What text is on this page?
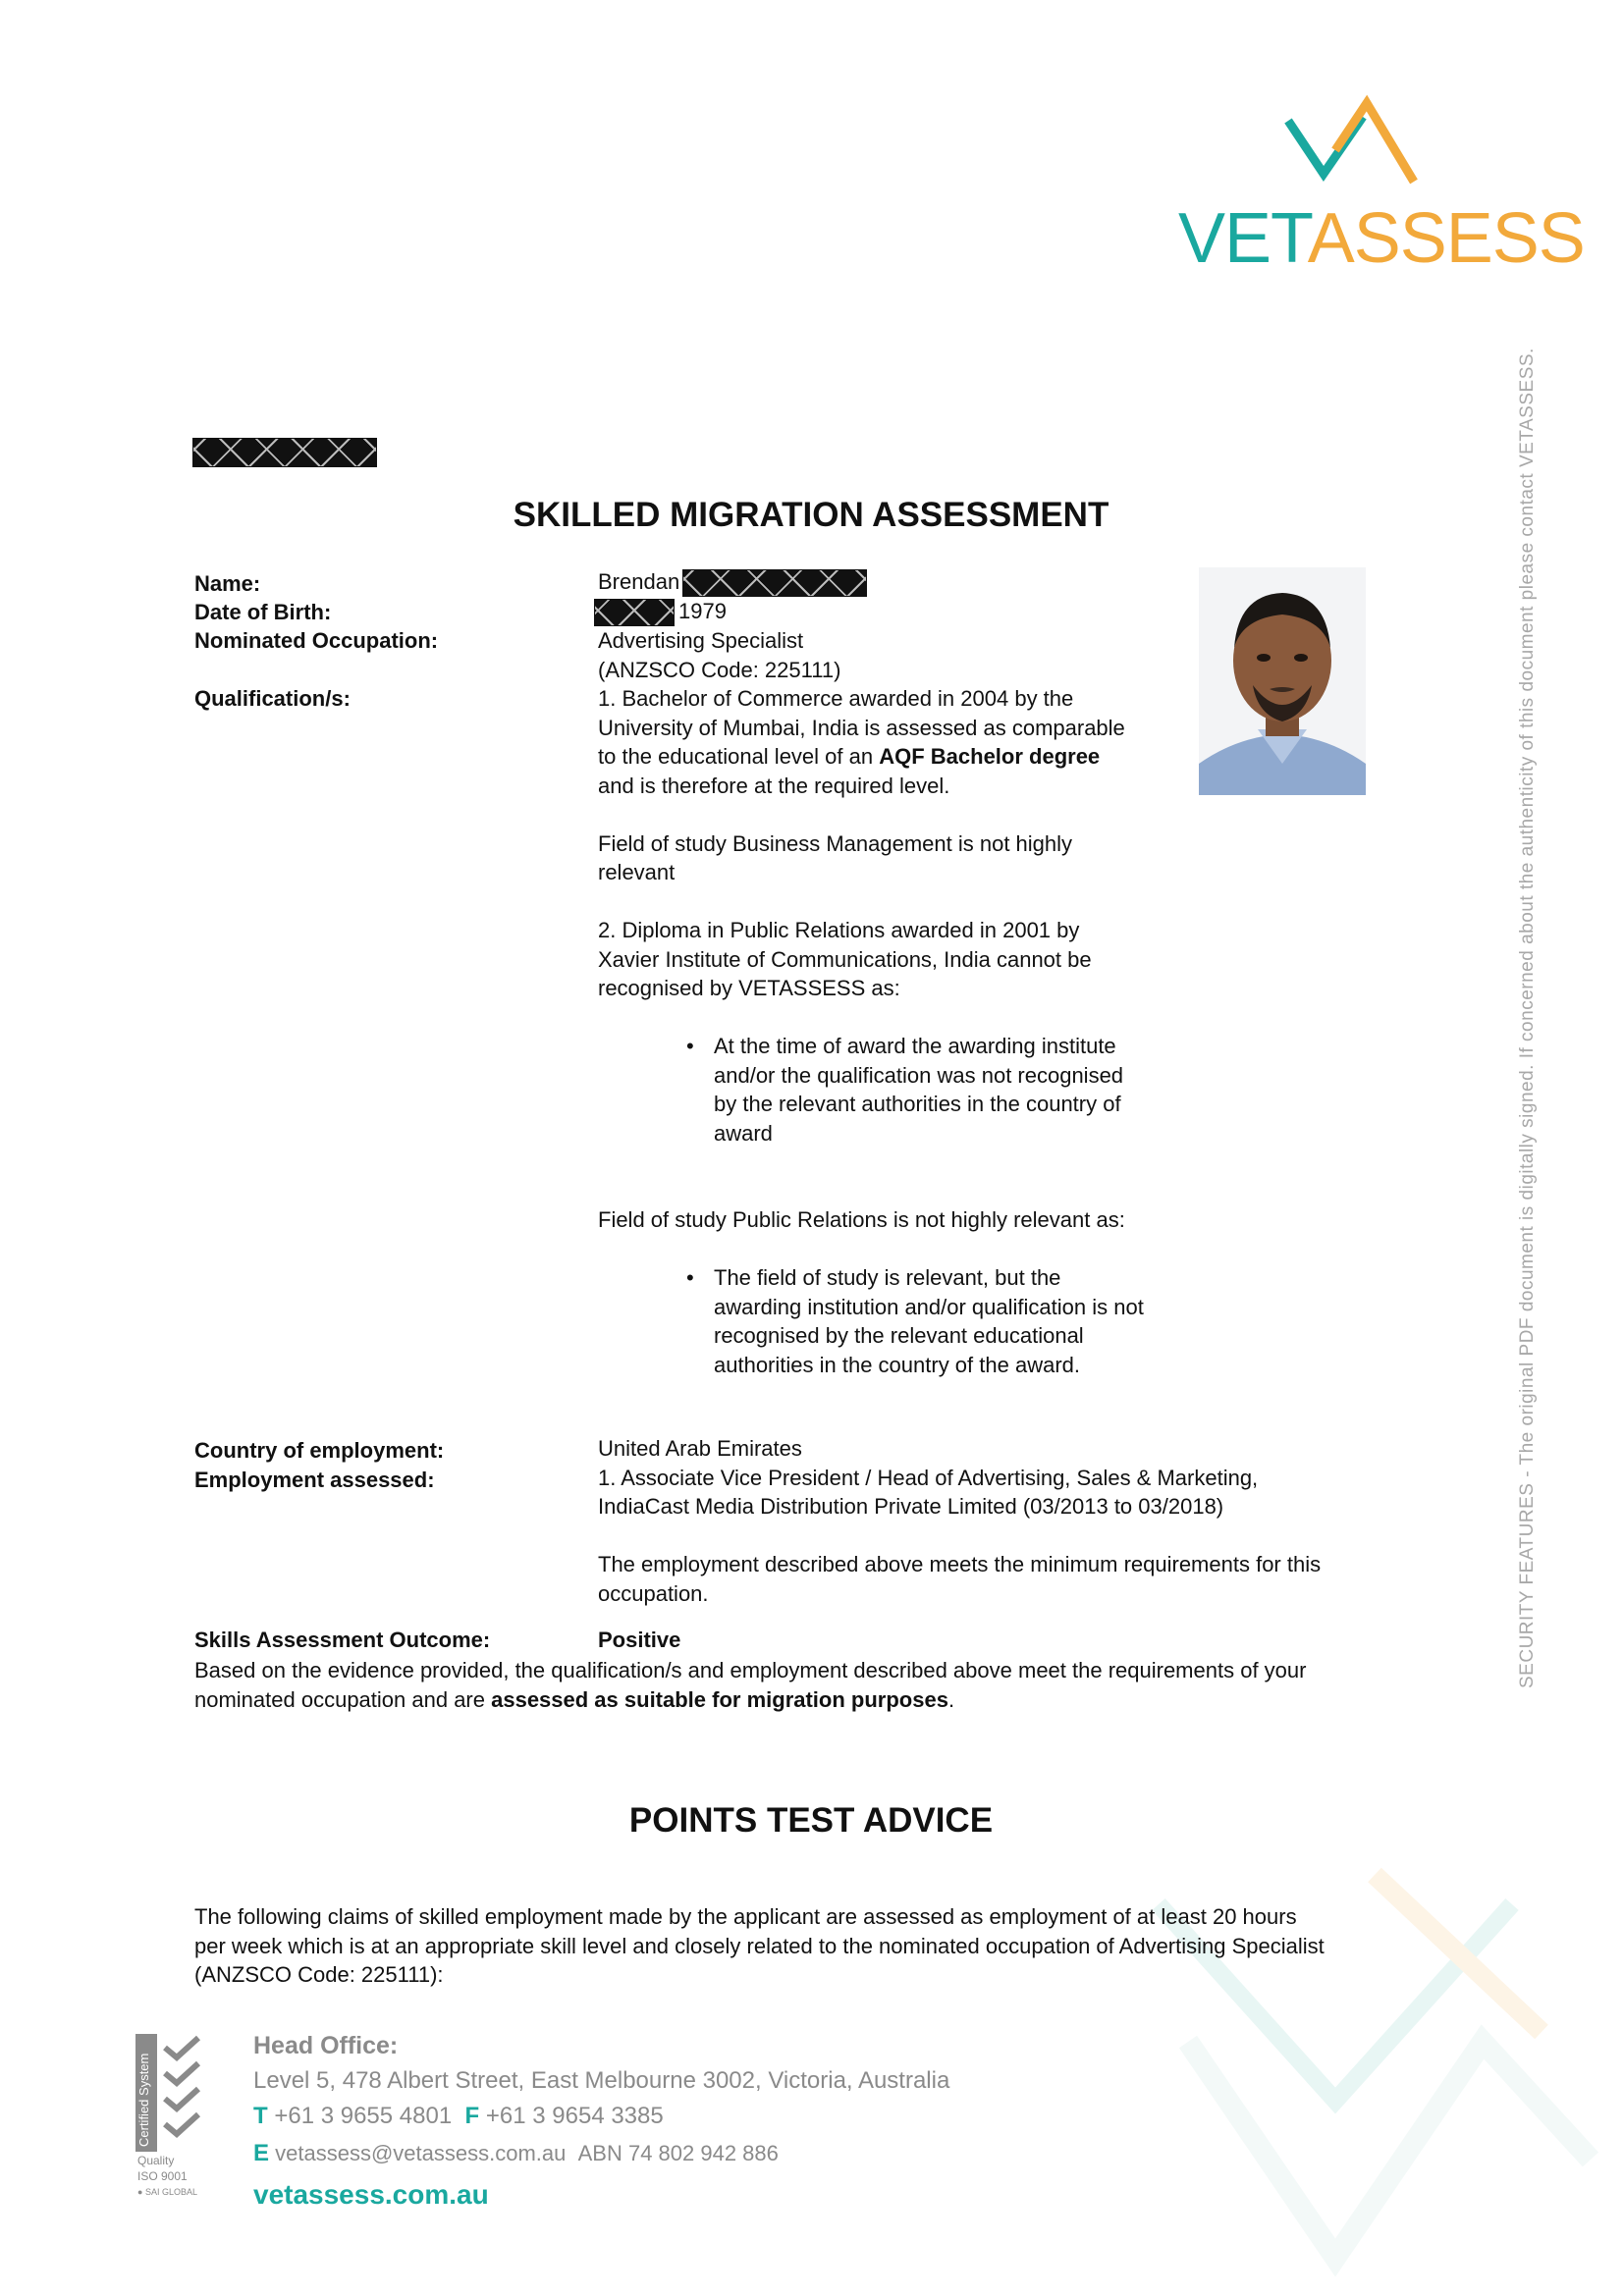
VETASSESS
SECURITY FEATURES - The original PDF document is digitally signed. If concerned about the authenticity of this document please contact VETASSESS.
SKILLED MIGRATION ASSESSMENT
Name:
Date of Birth:
Nominated Occupation:
Qualification/s:
Brendan
1979
Advertising Specialist
(ANZSCO Code: 225111)
1. Bachelor of Commerce awarded in 2004 by the
University of Mumbai, India is assessed as comparable
to the educational level of an AQF Bachelor degree
and is therefore at the required level.
Field of study Business Management is not highly
relevant
2. Diploma in Public Relations awarded in 2001 by
Xavier Institute of Communications, India cannot be
recognised by VETASSESS as:
• At the time of award the awarding institute
and/or the qualification was not recognised
by the relevant authorities in the country of
award
Field of study Public Relations is not highly relevant as:
• The field of study is relevant, but the
awarding institution and/or qualification is not
recognised by the relevant educational
authorities in the country of the award.
Country of employment:
Employment assessed:
United Arab Emirates
1. Associate Vice President / Head of Advertising, Sales & Marketing,
IndiaCast Media Distribution Private Limited (03/2013 to 03/2018)
The employment described above meets the minimum requirements for this
occupation.
Skills Assessment Outcome:	Positive
Based on the evidence provided, the qualification/s and employment described above meet the requirements of your
nominated occupation and are assessed as suitable for migration purposes.
POINTS TEST ADVICE
The following claims of skilled employment made by the applicant are assessed as employment of at least 20 hours
per week which is at an appropriate skill level and closely related to the nominated occupation of Advertising Specialist
(ANZSCO Code: 225111):
Certified System
Quality
ISO 9001
● SAI GLOBAL
Head Office:
Level 5, 478 Albert Street, East Melbourne 3002, Victoria, Australia
T +61 3 9655 4801 F +61 3 9654 3385
E vetassess@vetassess.com.au ABN 74 802 942 886
vetassess.com.au
